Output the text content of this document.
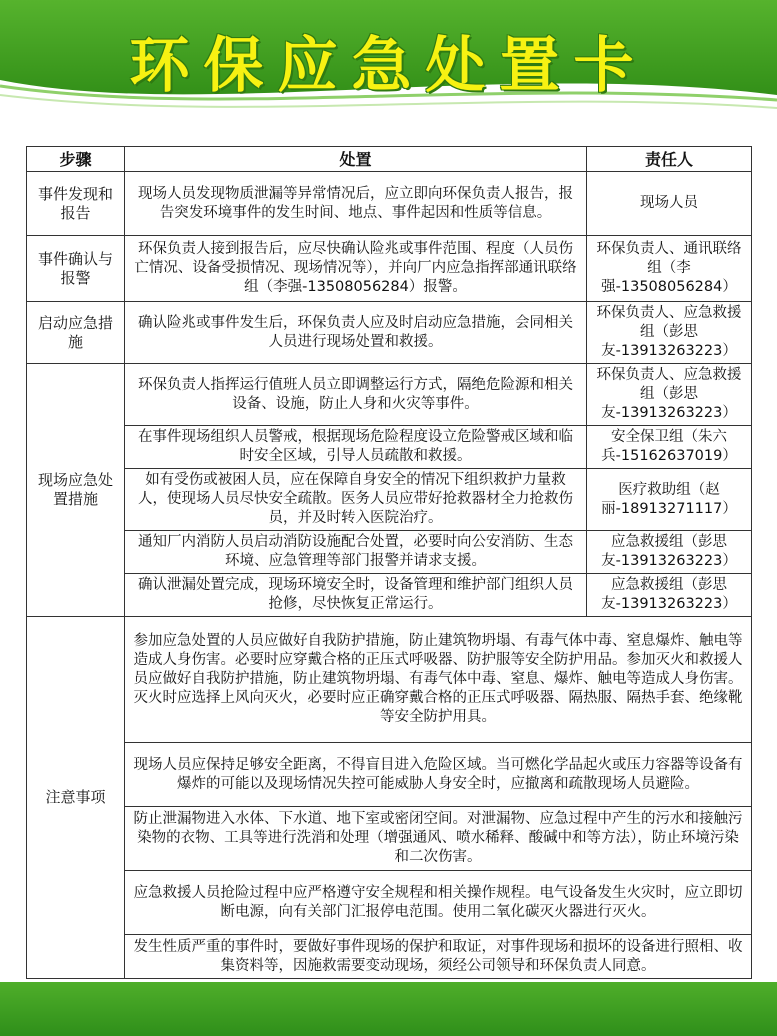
环保应急处置卡
步骤	处置	责任人
事件发现和报告	现场人员发现物质泄漏等异常情况后，应立即向环保负责人报告，报告突发环境事件的发生时间、地点、事件起因和性质等信息。	现场人员
事件确认与报警	环保负责人接到报告后，应尽快确认险兆或事件范围、程度（人员伤亡情况、设备受损情况、现场情况等），并向厂内应急指挥部通讯联络组（李强-13508056284）报警。	环保负责人、通讯联络组（李强-13508056284）
启动应急措施	确认险兆或事件发生后，环保负责人应及时启动应急措施，会同相关人员进行现场处置和救援。	环保负责人、应急救援组（彭思友-13913263223）
现场应急处置措施	环保负责人指挥运行值班人员立即调整运行方式，隔绝危险源和相关设备、设施，防止人身和火灾等事件。	环保负责人、应急救援组（彭思友-13913263223）
	在事件现场组织人员警戒，根据现场危险程度设立危险警戒区域和临时安全区域，引导人员疏散和救援。	安全保卫组（朱六兵-15162637019）
	如有受伤或被困人员，应在保障自身安全的情况下组织救护力量救人，使现场人员尽快安全疏散。医务人员应带好抢救器材全力抢救伤员，并及时转入医院治疗。	医疗救助组（赵丽-18913271117）
	通知厂内消防人员启动消防设施配合处置，必要时向公安消防、生态环境、应急管理等部门报警并请求支援。	应急救援组（彭思友-13913263223）
	确认泄漏处置完成，现场环境安全时，设备管理和维护部门组织人员抢修，尽快恢复正常运行。	应急救援组（彭思友-13913263223）
注意事项	参加应急处置的人员应做好自我防护措施，防止建筑物坍塌、有毒气体中毒、窒息爆炸、触电等造成人身伤害。必要时应穿戴合格的正压式呼吸器、防护服等安全防护用品。参加灭火和救援人员应做好自我防护措施，防止建筑物坍塌、有毒气体中毒、窒息、爆炸、触电等造成人身伤害。灭火时应选择上风向灭火，必要时应正确穿戴合格的正压式呼吸器、隔热服、隔热手套、绝缘靴等安全防护用具。	
	现场人员应保持足够安全距离，不得盲目进入危险区域。当可燃化学品起火或压力容器等设备有爆炸的可能以及现场情况失控可能威胁人身安全时，应撤离和疏散现场人员避险。	
	防止泄漏物进入水体、下水道、地下室或密闭空间。对泄漏物、应急过程中产生的污水和接触污染物的衣物、工具等进行洗消和处理（增强通风、喷水稀释、酸碱中和等方法），防止环境污染和二次伤害。	
	应急救援人员抢险过程中应严格遵守安全规程和相关操作规程。电气设备发生火灾时，应立即切断电源，向有关部门汇报停电范围。使用二氧化碳灭火器进行灭火。	
	发生性质严重的事件时，要做好事件现场的保护和取证，对事件现场和损坏的设备进行照相、收集资料等，因施救需要变动现场，须经公司领导和环保负责人同意。	
